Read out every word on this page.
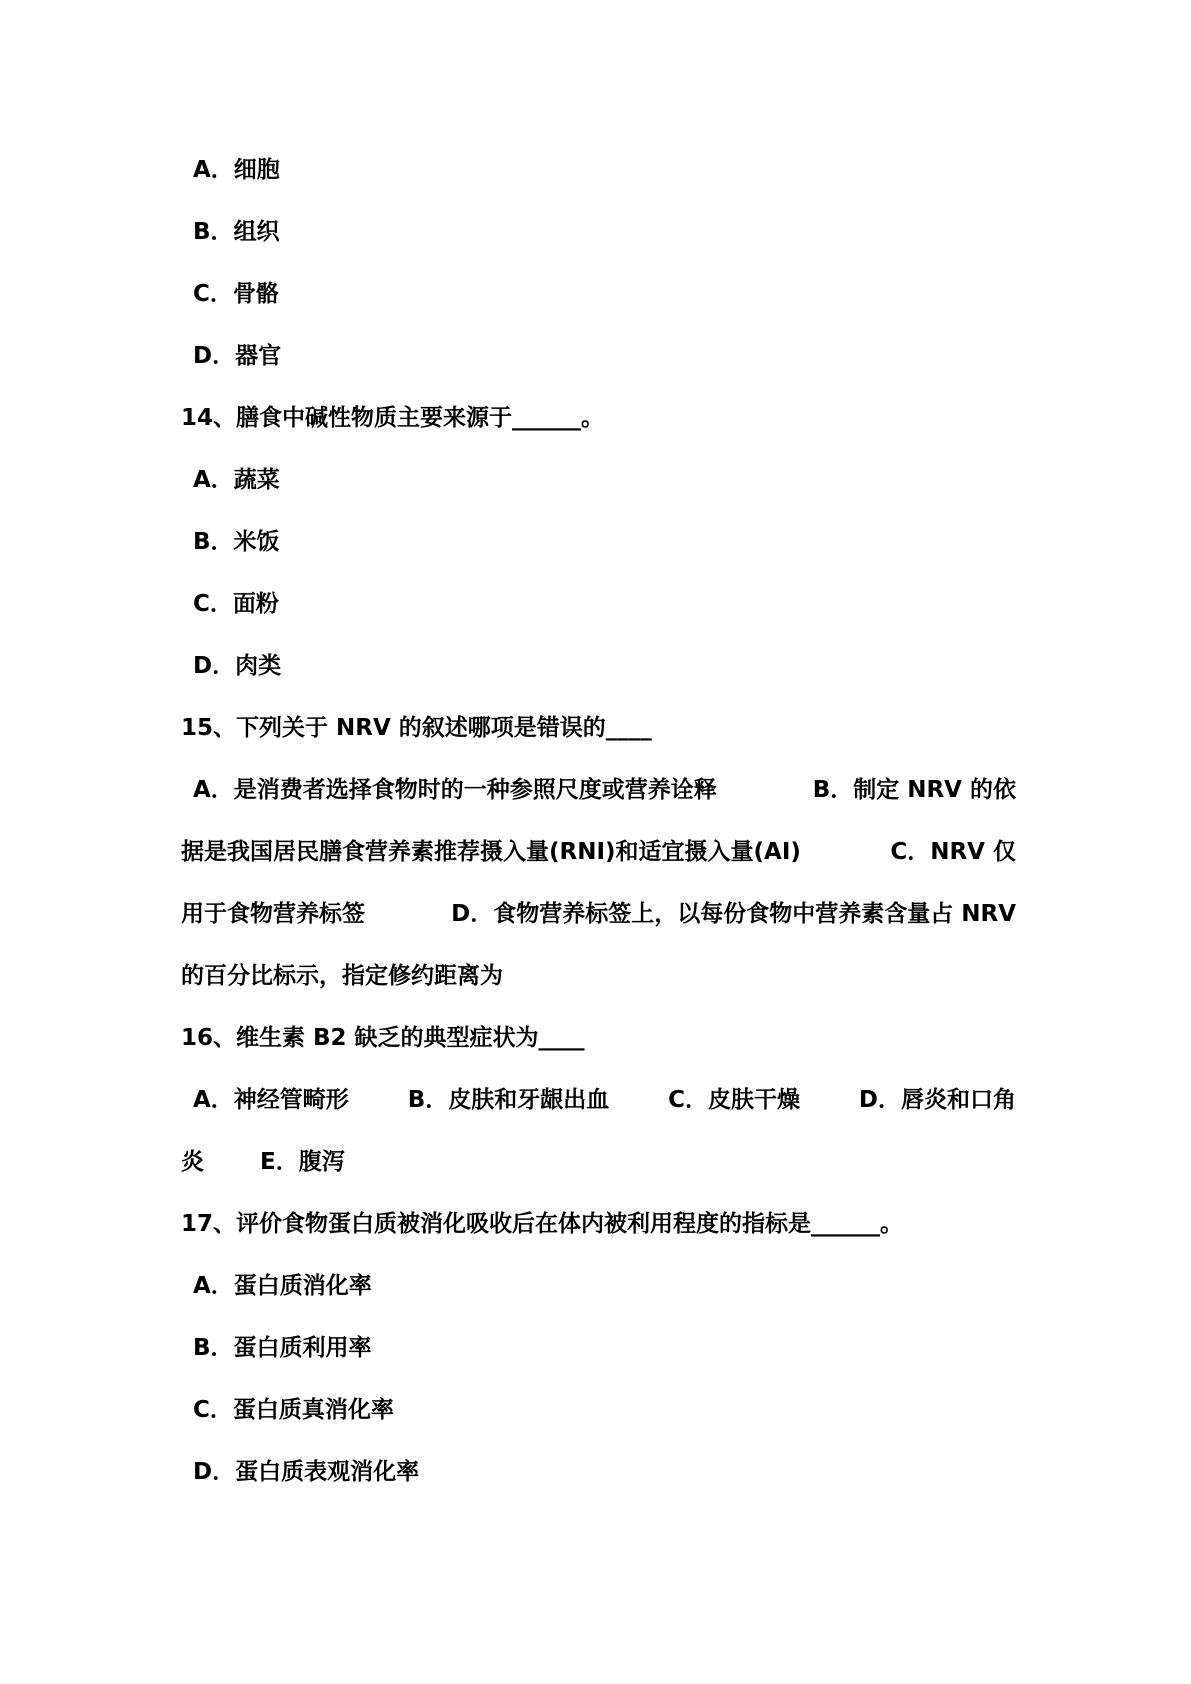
A．细胞
B．组织
C．骨骼
D．器官
14、膳食中碱性物质主要来源于______。
A．蔬菜
B．米饭
C．面粉
D．肉类
15、下列关于 NRV 的叙述哪项是错误的____
A．是消费者选择食物时的一种参照尺度或营养诠释	B．制定 NRV 的依
据是我国居民膳食营养素推荐摄入量(RNI)和适宜摄入量(AI)	C．NRV 仅
用于食物营养标签	D．食物营养标签上，以每份食物中营养素含量占 NRV
的百分比标示，指定修约距离为
16、维生素 B2 缺乏的典型症状为____
A．神经管畸形	B．皮肤和牙龈出血	C．皮肤干燥	D．唇炎和口角
炎 E．腹泻
17、评价食物蛋白质被消化吸收后在体内被利用程度的指标是______。
A．蛋白质消化率
B．蛋白质利用率
C．蛋白质真消化率
D．蛋白质表观消化率
